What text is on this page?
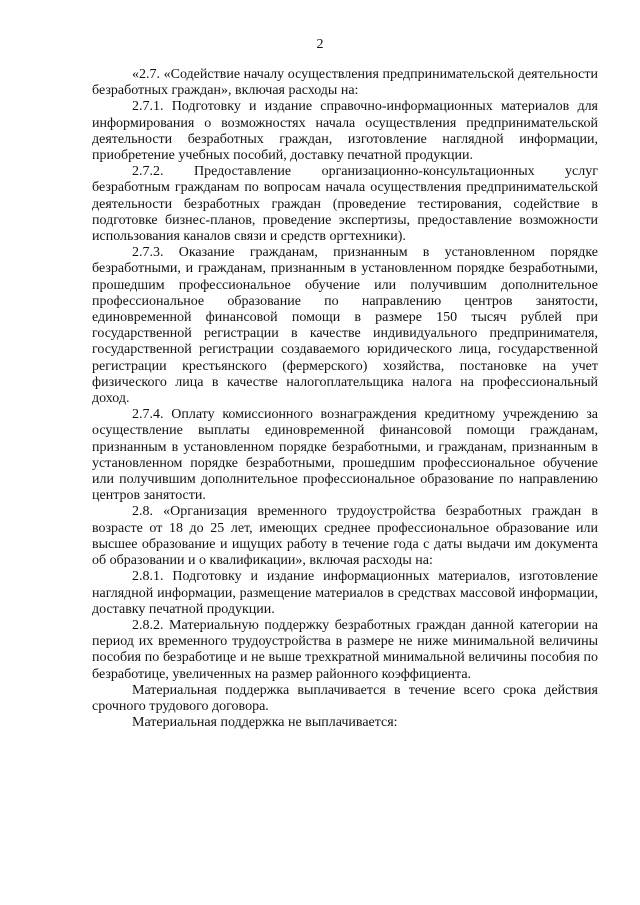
2

«2.7. «Содействие началу осуществления предпринимательской деятельности безработных граждан», включая расходы на:

2.7.1. Подготовку и издание справочно-информационных материалов для информирования о возможностях начала осуществления предпринимательской деятельности безработных граждан, изготовление наглядной информации, приобретение учебных пособий, доставку печатной продукции.

2.7.2. Предоставление организационно-консультационных услуг безработным гражданам по вопросам начала осуществления предпринимательской деятельности безработных граждан (проведение тестирования, содействие в подготовке бизнес-планов, проведение экспертизы, предоставление возможности использования каналов связи и средств оргтехники).

2.7.3. Оказание гражданам, признанным в установленном порядке безработными, и гражданам, признанным в установленном порядке безработными, прошедшим профессиональное обучение или получившим дополнительное профессиональное образование по направлению центров занятости, единовременной финансовой помощи в размере 150 тысяч рублей при государственной регистрации в качестве индивидуального предпринимателя, государственной регистрации создаваемого юридического лица, государственной регистрации крестьянского (фермерского) хозяйства, постановке на учет физического лица в качестве налогоплательщика налога на профессиональный доход.

2.7.4. Оплату комиссионного вознаграждения кредитному учреждению за осуществление выплаты единовременной финансовой помощи гражданам, признанным в установленном порядке безработными, и гражданам, признанным в установленном порядке безработными, прошедшим профессиональное обучение или получившим дополнительное профессиональное образование по направлению центров занятости.

2.8. «Организация временного трудоустройства безработных граждан в возрасте от 18 до 25 лет, имеющих среднее профессиональное образование или высшее образование и ищущих работу в течение года с даты выдачи им документа об образовании и о квалификации», включая расходы на:

2.8.1. Подготовку и издание информационных материалов, изготовление наглядной информации, размещение материалов в средствах массовой информации, доставку печатной продукции.

2.8.2. Материальную поддержку безработных граждан данной категории на период их временного трудоустройства в размере не ниже минимальной величины пособия по безработице и не выше трехкратной минимальной величины пособия по безработице, увеличенных на размер районного коэффициента.

Материальная поддержка выплачивается в течение всего срока действия срочного трудового договора.

Материальная поддержка не выплачивается:
